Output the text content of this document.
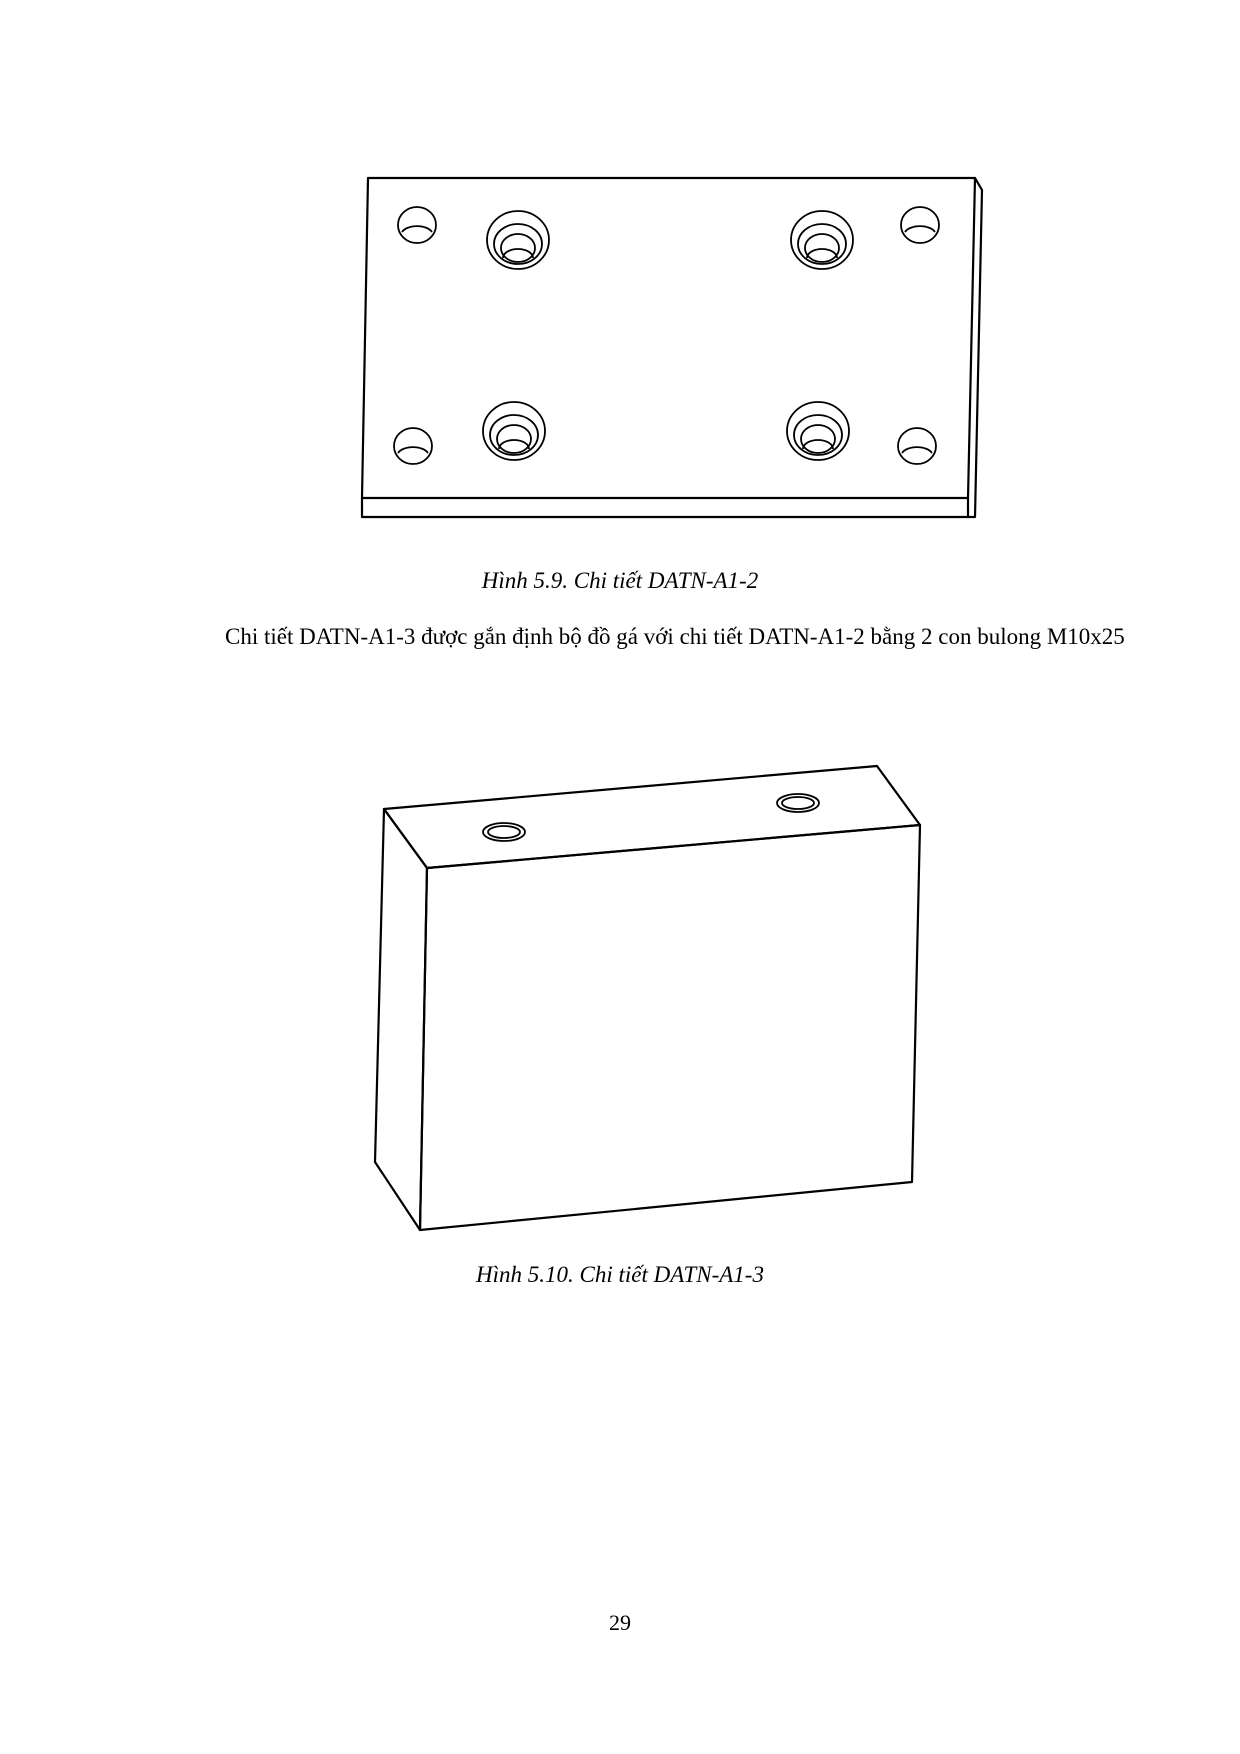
Hình 5.9. Chi tiết DATN-A1-2
Chi tiết DATN-A1-3 được gắn định bộ đồ gá với chi tiết DATN-A1-2 bằng 2 con bulong M10x25
Hình 5.10. Chi tiết DATN-A1-3
29
